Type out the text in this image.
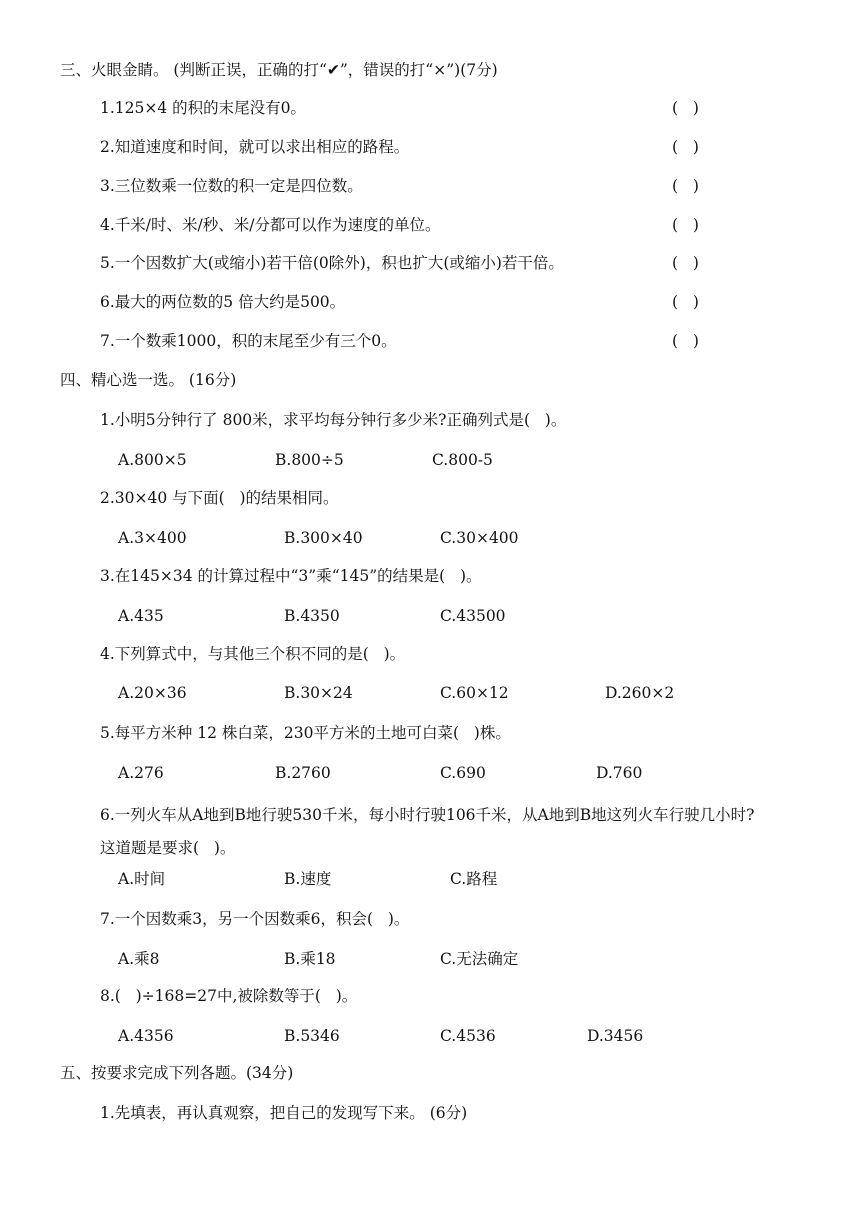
三、火眼金睛。 (判断正误，正确的打“✔”，错误的打“×”)(7分)
1.125×4 的积的末尾没有0。	(   )
2.知道速度和时间，就可以求出相应的路程。	(   )
3.三位数乘一位数的积一定是四位数。	(   )
4.千米/时、米/秒、米/分都可以作为速度的单位。	(   )
5.一个因数扩大(或缩小)若干倍(0除外)，积也扩大(或缩小)若干倍。	(   )
6.最大的两位数的5 倍大约是500。	(   )
7.一个数乘1000，积的末尾至少有三个0。	(   )
四、精心选一选。 (16分)
1.小明5分钟行了 800米，求平均每分钟行多少米?正确列式是(   )。
A.800×5	B.800÷5	C.800-5
2.30×40 与下面(   )的结果相同。
A.3×400	B.300×40	C.30×400
3.在145×34 的计算过程中“3”乘“145”的结果是(   )。
A.435	B.4350	C.43500
4.下列算式中，与其他三个积不同的是(   )。
A.20×36	B.30×24	C.60×12	D.260×2
5.每平方米种 12 株白菜，230平方米的土地可白菜(   )株。
A.276	B.2760	C.690	D.760
6.一列火车从A地到B地行驶530千米，每小时行驶106千米，从A地到B地这列火车行驶几小时?
这道题是要求(   )。
A.时间	B.速度	C.路程
7.一个因数乘3，另一个因数乘6，积会(   )。
A.乘8	B.乘18	C.无法确定
8.(   )÷168=27中,被除数等于(   )。
A.4356	B.5346	C.4536	D.3456
五、按要求完成下列各题。(34分)
1.先填表，再认真观察，把自己的发现写下来。 (6分)
